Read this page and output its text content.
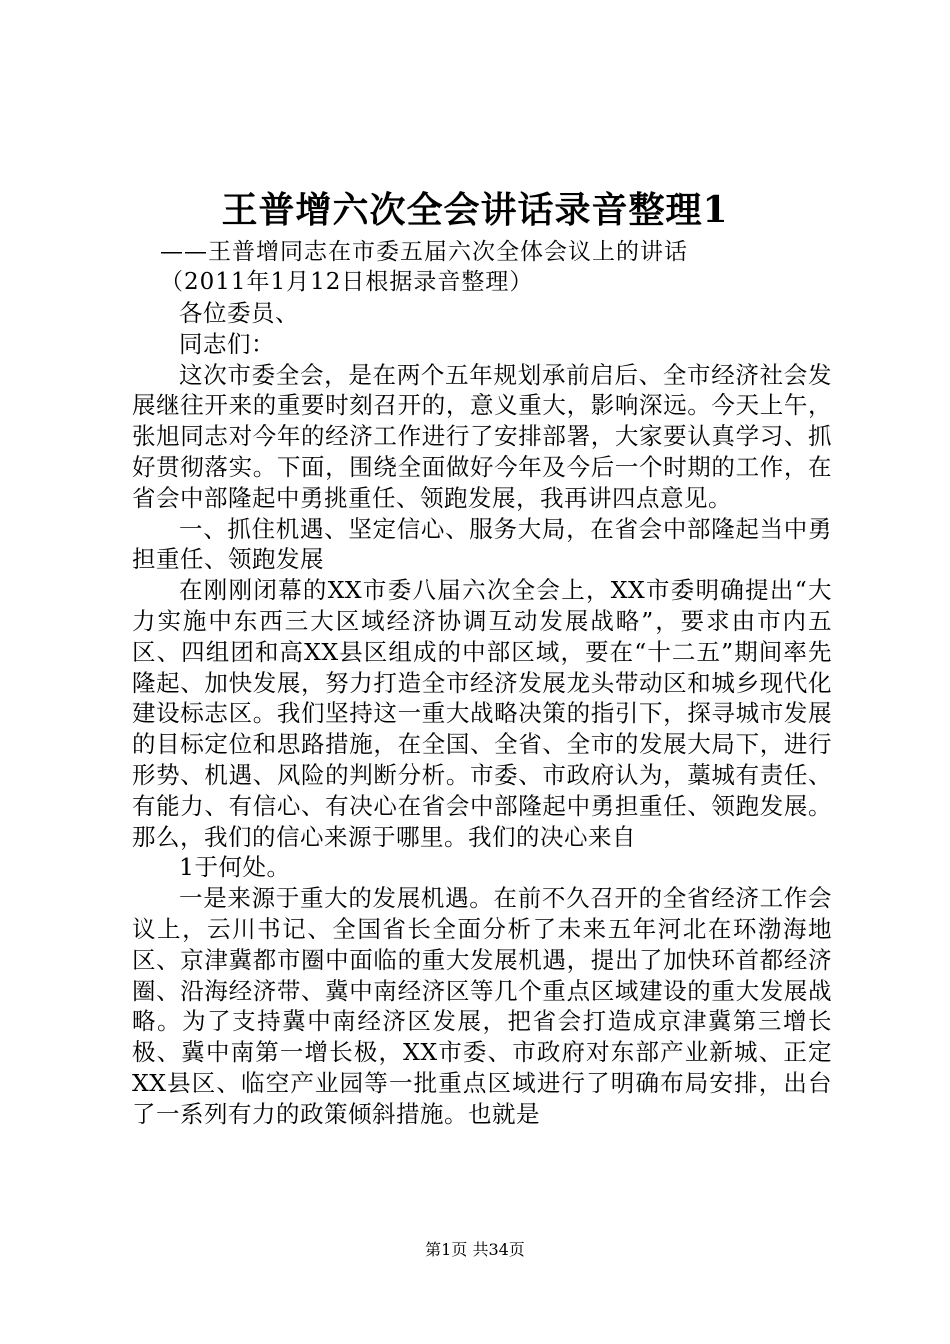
王普增六次全会讲话录音整理1
——王普增同志在市委五届六次全体会议上的讲话
（2011年1月12日根据录音整理）

各位委员、

同志们：

这次市委全会，是在两个五年规划承前启后、全市经济社会发展继往开来的重要时刻召开的，意义重大，影响深远。今天上午，张旭同志对今年的经济工作进行了安排部署，大家要认真学习、抓好贯彻落实。下面，围绕全面做好今年及今后一个时期的工作，在省会中部隆起中勇挑重任、领跑发展，我再讲四点意见。

一、抓住机遇、坚定信心、服务大局，在省会中部隆起当中勇担重任、领跑发展

在刚刚闭幕的XX市委八届六次全会上，XX市委明确提出“大力实施中东西三大区域经济协调互动发展战略”，要求由市内五区、四组团和高XX县区组成的中部区域，要在“十二五”期间率先隆起、加快发展，努力打造全市经济发展龙头带动区和城乡现代化建设标志区。我们坚持这一重大战略决策的指引下，探寻城市发展的目标定位和思路措施，在全国、全省、全市的发展大局下，进行形势、机遇、风险的判断分析。市委、市政府认为，藁城有责任、有能力、有信心、有决心在省会中部隆起中勇担重任、领跑发展。那么，我们的信心来源于哪里。我们的决心来自

1于何处。

一是来源于重大的发展机遇。在前不久召开的全省经济工作会议上，云川书记、全国省长全面分析了未来五年河北在环渤海地区、京津冀都市圈中面临的重大发展机遇，提出了加快环首都经济圈、沿海经济带、冀中南经济区等几个重点区域建设的重大发展战略。为了支持冀中南经济区发展，把省会打造成京津冀第三增长极、冀中南第一增长极，XX市委、市政府对东部产业新城、正定XX县区、临空产业园等一批重点区域进行了明确布局安排，出台了一系列有力的政策倾斜措施。也就是

第1页 共34页
